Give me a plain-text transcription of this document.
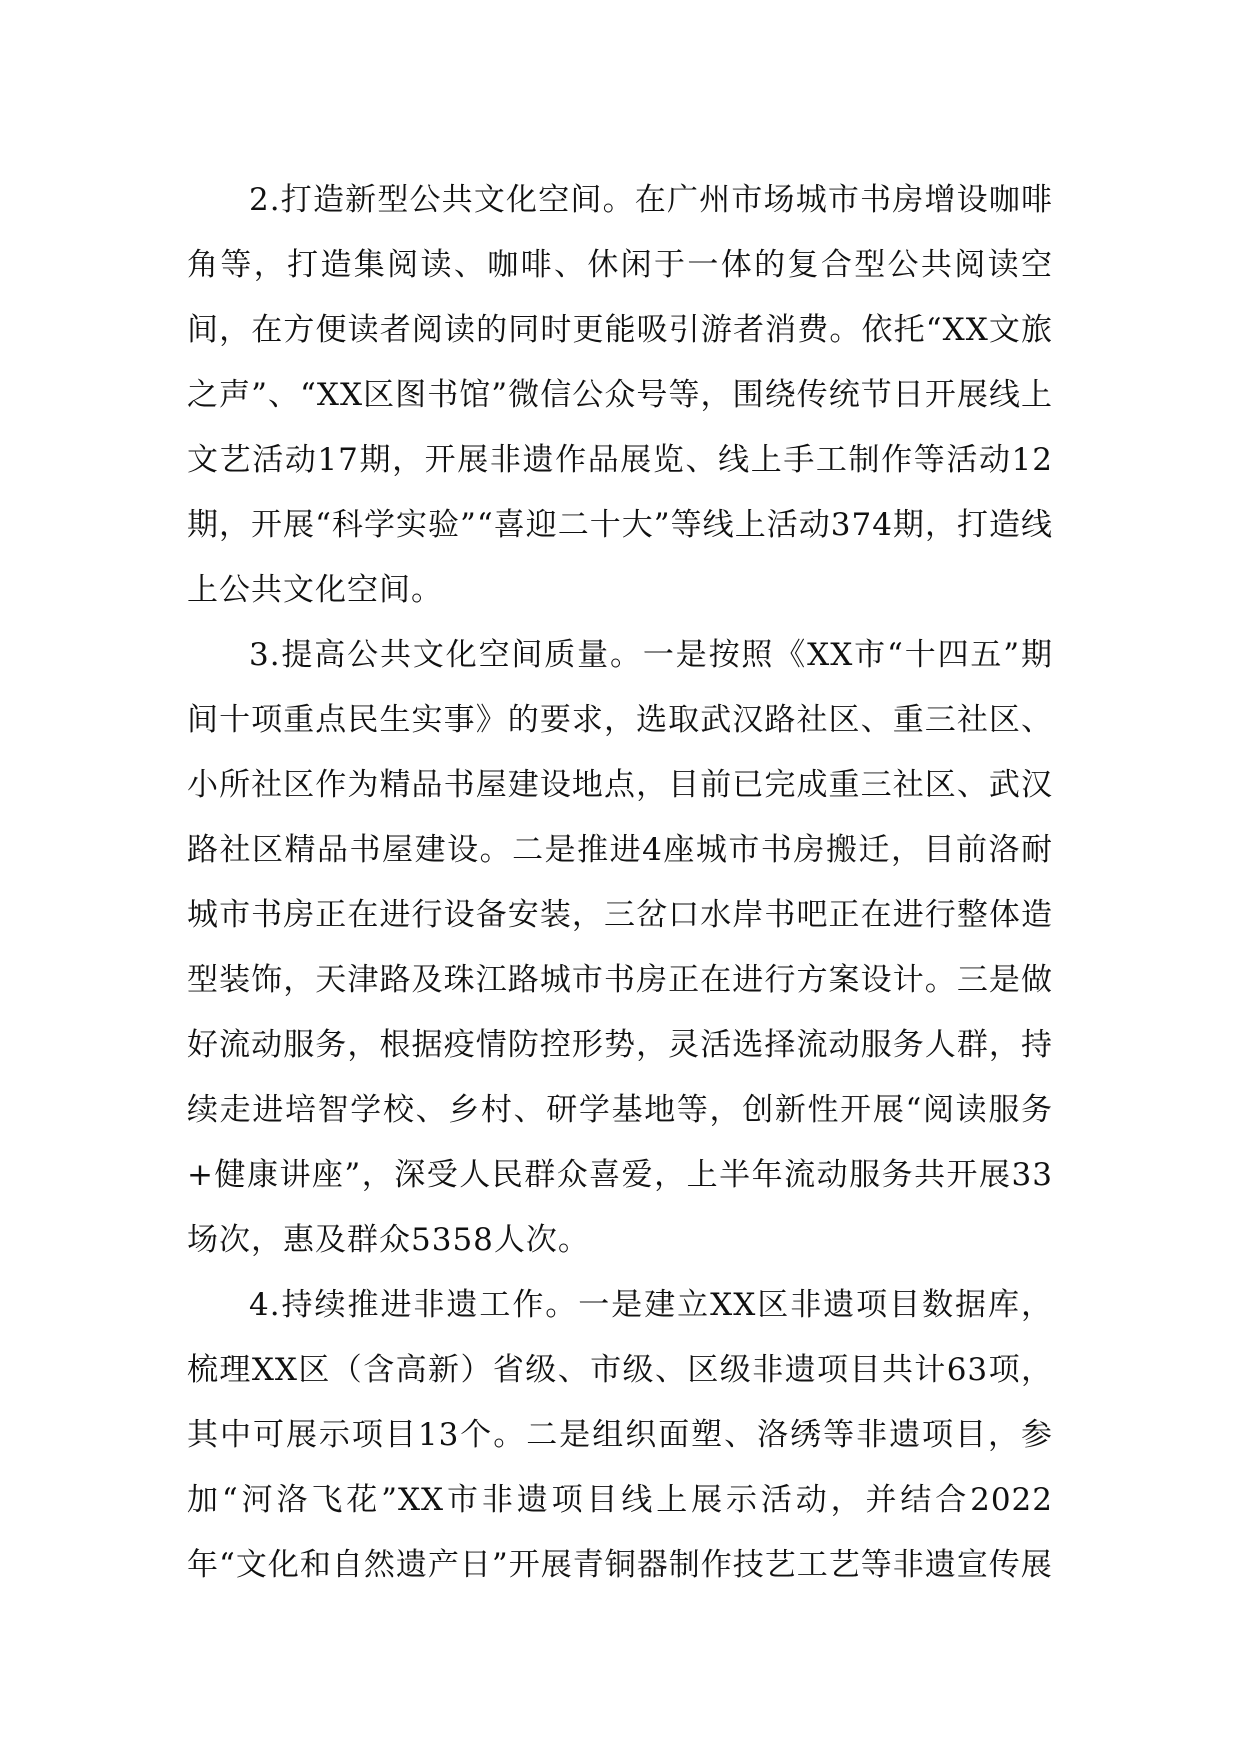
2.打造新型公共文化空间。在广州市场城市书房增设咖啡角等，打造集阅读、咖啡、休闲于一体的复合型公共阅读空间，在方便读者阅读的同时更能吸引游者消费。依托“XX文旅之声”、“XX区图书馆”微信公众号等，围绕传统节日开展线上文艺活动17期，开展非遗作品展览、线上手工制作等活动12期，开展“科学实验”“喜迎二十大”等线上活动374期，打造线上公共文化空间。

3.提高公共文化空间质量。一是按照《XX市“十四五”期间十项重点民生实事》的要求，选取武汉路社区、重三社区、小所社区作为精品书屋建设地点，目前已完成重三社区、武汉路社区精品书屋建设。二是推进4座城市书房搬迁，目前洛耐城市书房正在进行设备安装，三岔口水岸书吧正在进行整体造型装饰，天津路及珠江路城市书房正在进行方案设计。三是做好流动服务，根据疫情防控形势，灵活选择流动服务人群，持续走进培智学校、乡村、研学基地等，创新性开展“阅读服务+健康讲座”，深受人民群众喜爱，上半年流动服务共开展33场次，惠及群众5358人次。

4.持续推进非遗工作。一是建立XX区非遗项目数据库，梳理XX区（含高新）省级、市级、区级非遗项目共计63项，其中可展示项目13个。二是组织面塑、洛绣等非遗项目，参加“河洛飞花”XX市非遗项目线上展示活动，并结合2022年“文化和自然遗产日”开展青铜器制作技艺工艺等非遗宣传展
